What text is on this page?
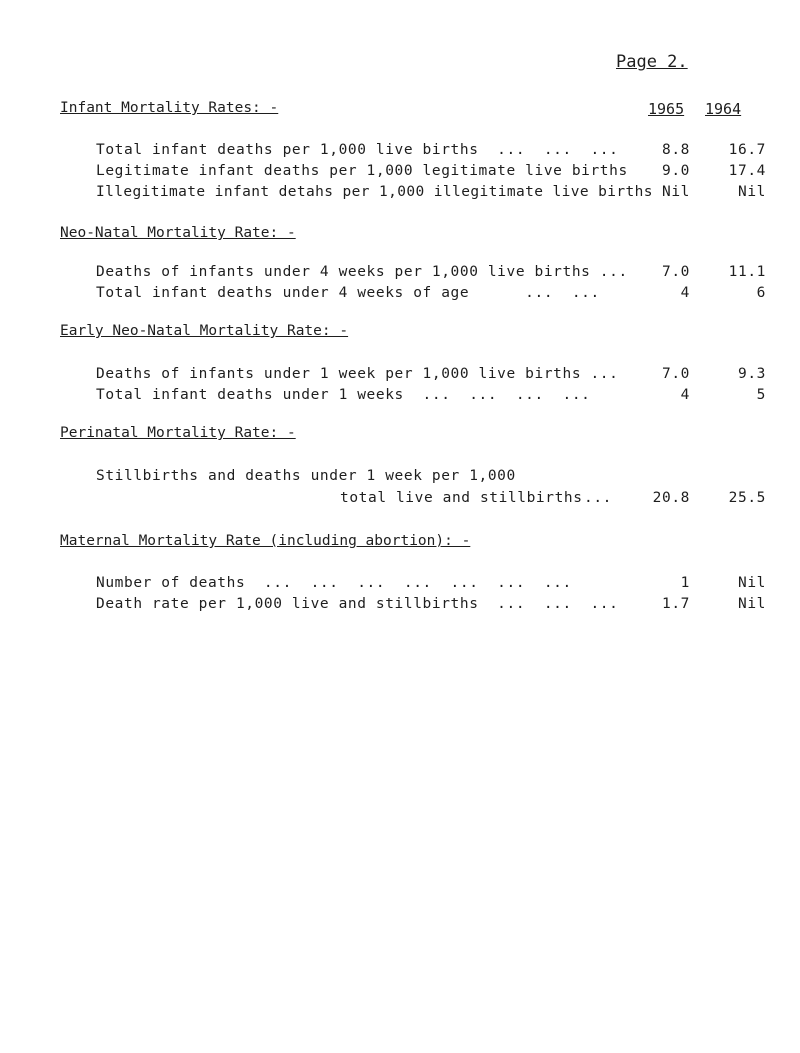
Page 2.
Infant Mortality Rates: -	1965 1964
Total infant deaths per 1,000 live births  ...  ...  ...	8.8	16.7
Legitimate infant deaths per 1,000 legitimate live births	9.0	17.4
Illegitimate infant detahs per 1,000 illegitimate live births Nil	Nil
Neo-Natal Mortality Rate: -
Deaths of infants under 4 weeks per 1,000 live births ...	7.0	11.1
Total infant deaths under 4 weeks of age      ...  ...	4	6
Early Neo-Natal Mortality Rate: -
Deaths of infants under 1 week per 1,000 live births ...	7.0	9.3
Total infant deaths under 1 weeks  ...  ...  ...  ...	4	5
Perinatal Mortality Rate: -
Stillbirths and deaths under 1 week per 1,000
total live and stillbirths ...	20.8	25.5
Maternal Mortality Rate (including abortion): -
Number of deaths  ...  ...  ...  ...  ...  ...  ...	1	Nil
Death rate per 1,000 live and stillbirths  ...  ...  ...	1.7	Nil
